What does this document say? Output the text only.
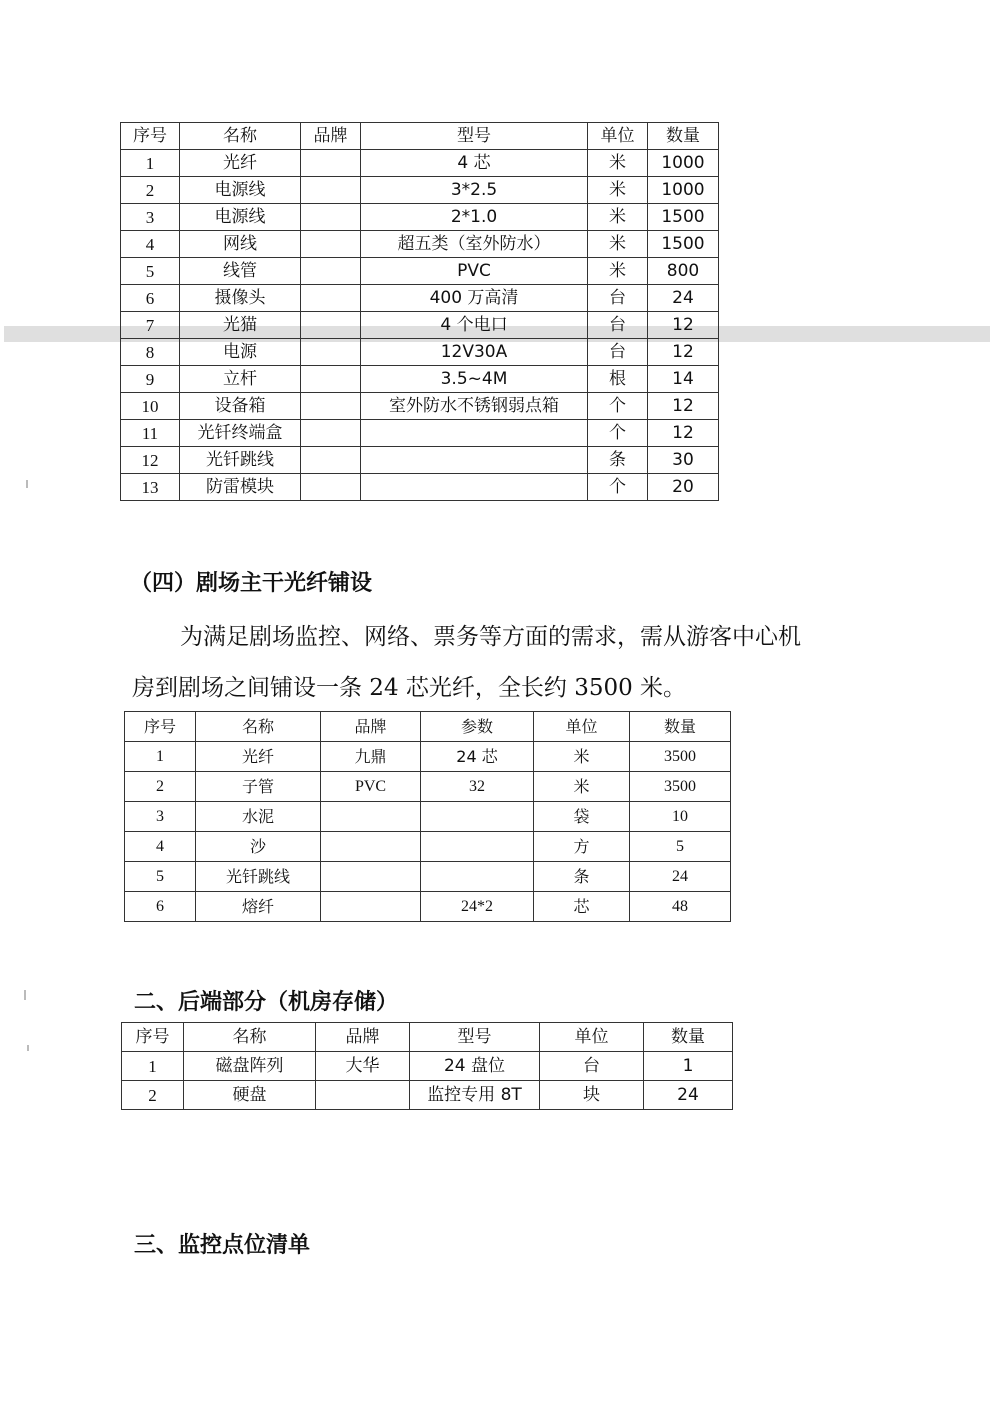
序号	名称	品牌	型号	单位	数量
1	光纤		4 芯	米	1000
2	电源线		3*2.5	米	1000
3	电源线		2*1.0	米	1500
4	网线		超五类（室外防水）	米	1500
5	线管		PVC	米	800
6	摄像头		400 万高清	台	24
7	光猫		4 个电口	台	12
8	电源		12V30A	台	12
9	立杆		3.5~4M	根	14
10	设备箱		室外防水不锈钢弱点箱	个	12
11	光钎终端盒			个	12
12	光钎跳线			条	30
13	防雷模块			个	20
（四）剧场主干光纤铺设

为满足剧场监控、网络、票务等方面的需求，需从游客中心机

房到剧场之间铺设一条 24 芯光纤，全长约 3500 米。

序号	名称	品牌	参数	单位	数量
1	光纤	九鼎	24 芯	米	3500
2	子管	PVC	32	米	3500
3	水泥			袋	10
4	沙			方	5
5	光钎跳线			条	24
6	熔纤		24*2	芯	48
二、后端部分（机房存储）
序号	名称	品牌	型号	单位	数量
1	磁盘阵列	大华	24 盘位	台	1
2	硬盘		监控专用 8T	块	24
三、监控点位清单
